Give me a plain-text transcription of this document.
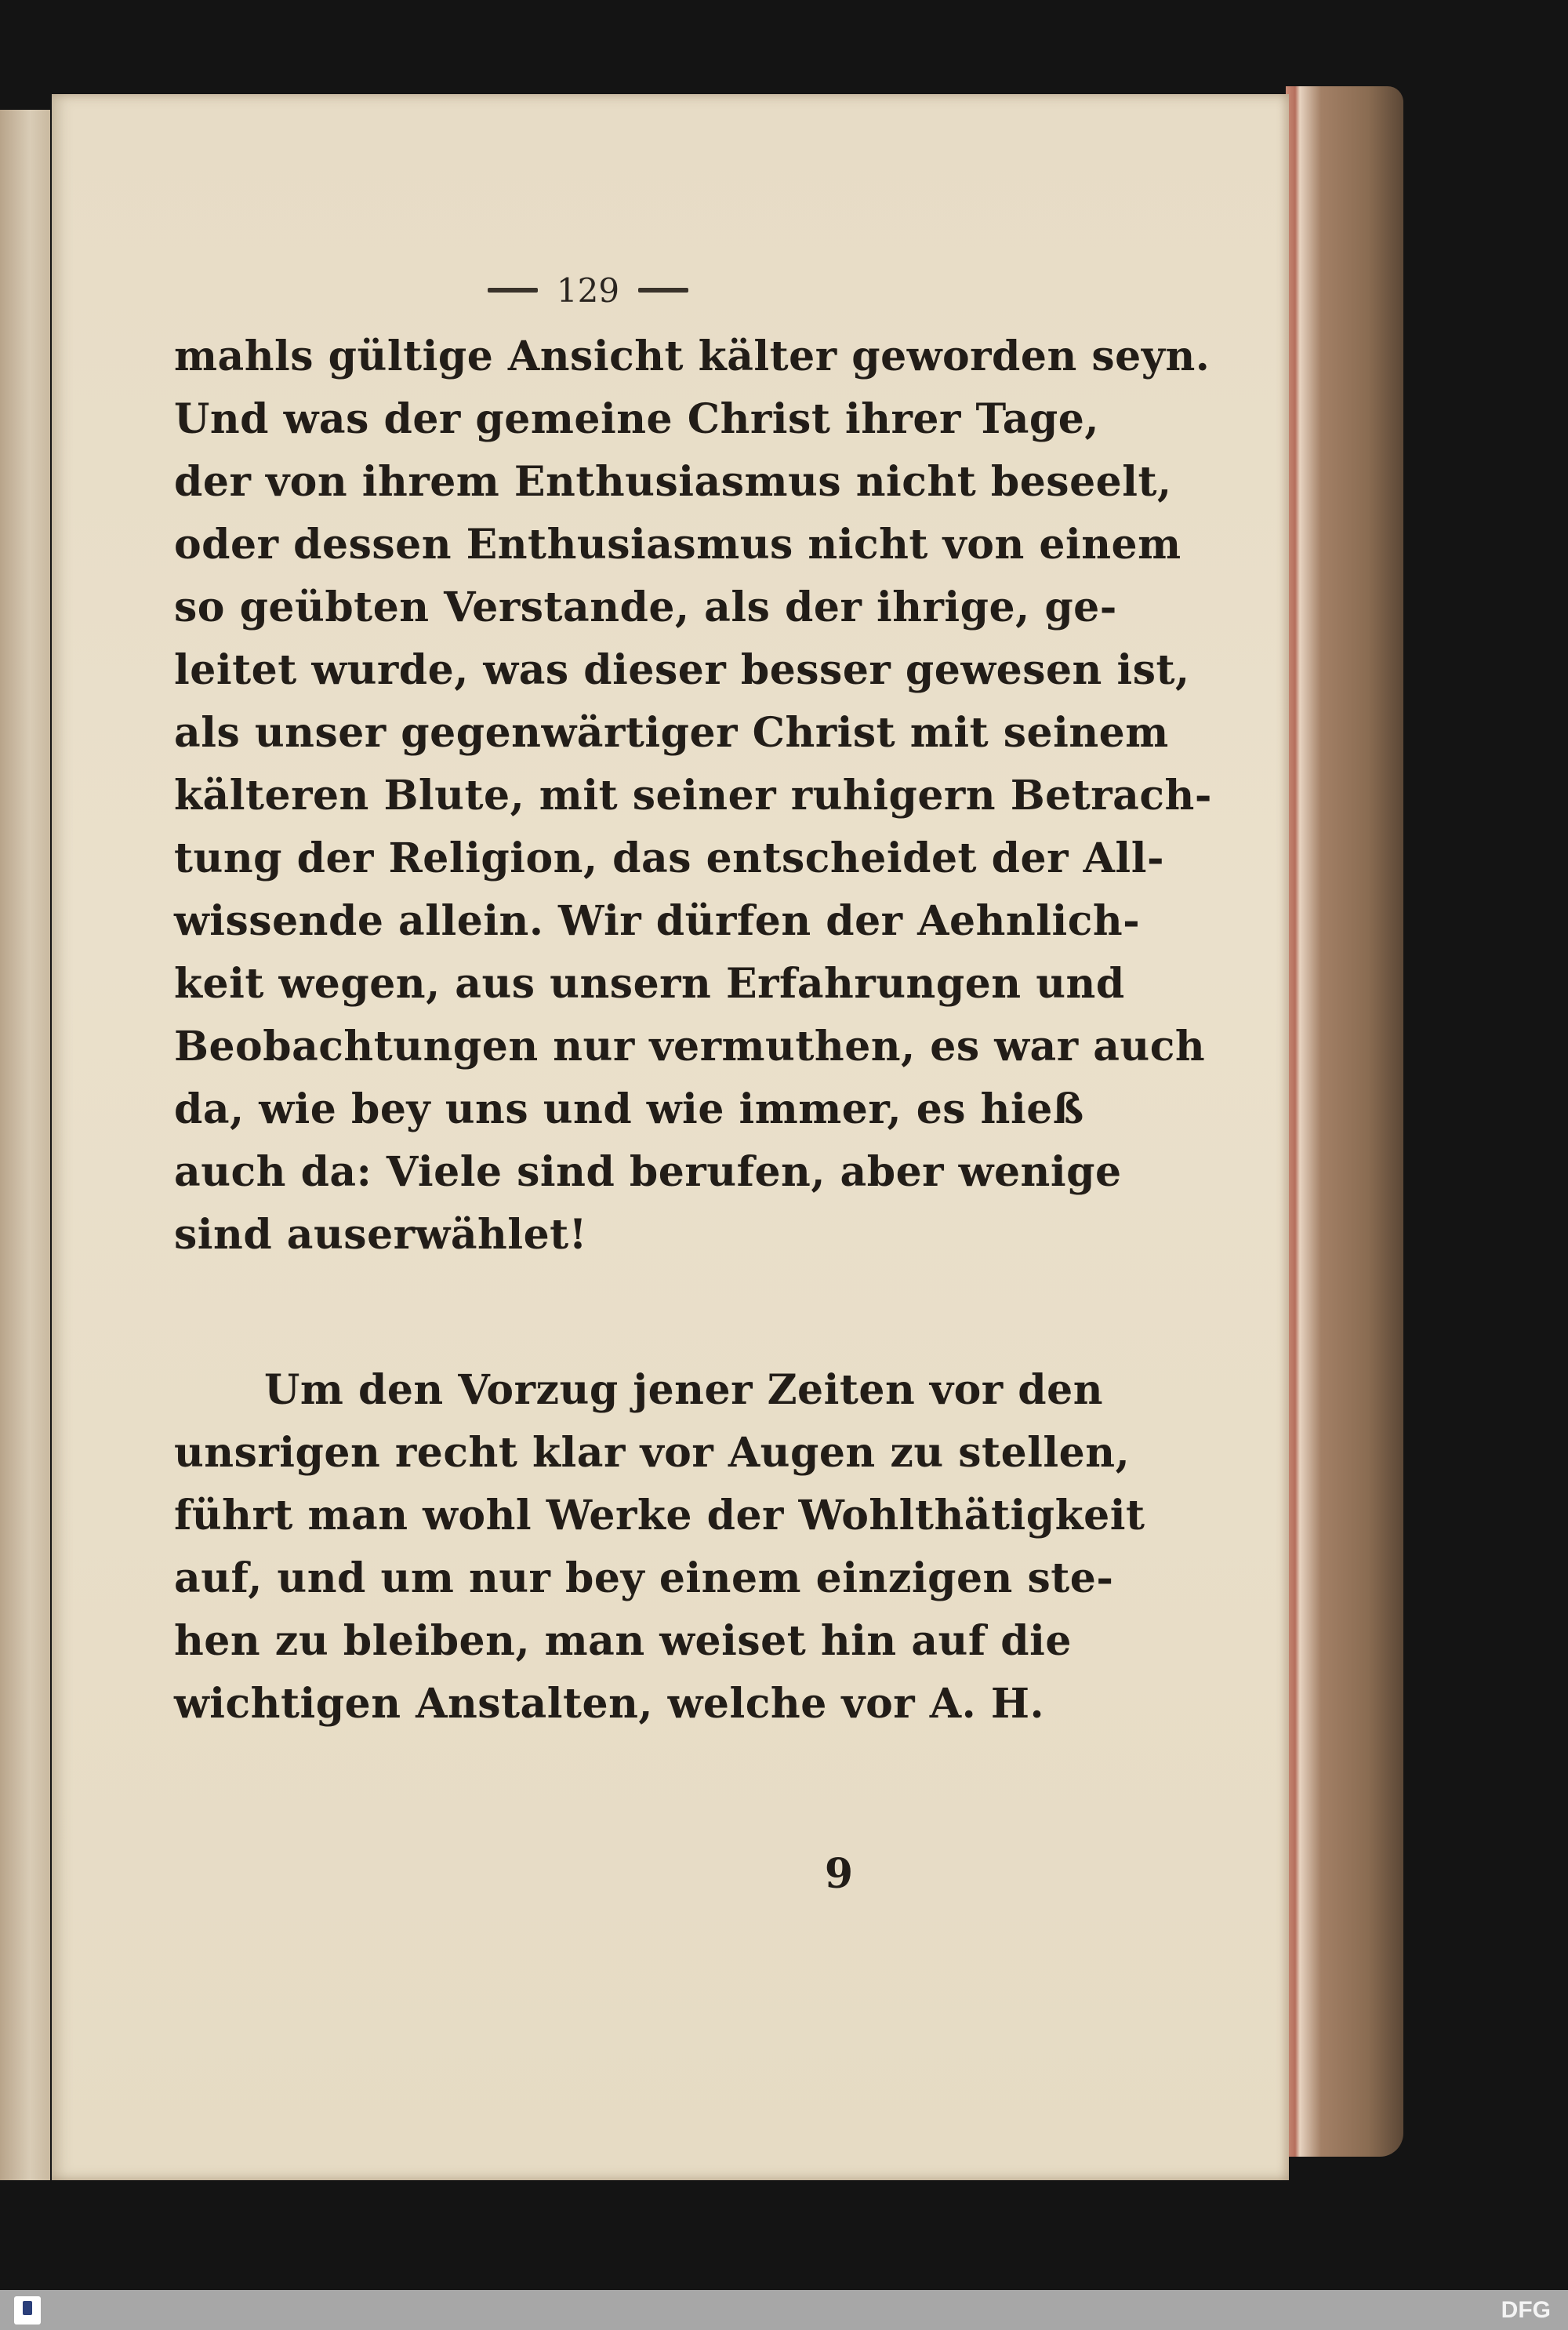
129
mahls gültige Ansicht kälter geworden seyn.
Und was der gemeine Christ ihrer Tage,
der von ihrem Enthusiasmus nicht beseelt,
oder dessen Enthusiasmus nicht von einem
so geübten Verstande, als der ihrige, ge-
leitet wurde, was dieser besser gewesen ist,
als unser gegenwärtiger Christ mit seinem
kälteren Blute, mit seiner ruhigern Betrach-
tung der Religion, das entscheidet der All-
wissende allein. Wir dürfen der Aehnlich-
keit wegen, aus unsern Erfahrungen und
Beobachtungen nur vermuthen, es war auch
da, wie bey uns und wie immer, es hieß
auch da: Viele sind berufen, aber wenige
sind auserwählet!
Um den Vorzug jener Zeiten vor den
unsrigen recht klar vor Augen zu stellen,
führt man wohl Werke der Wohlthätigkeit
auf, und um nur bey einem einzigen ste-
hen zu bleiben, man weiset hin auf die
wichtigen Anstalten, welche vor A. H.
9
DFG
